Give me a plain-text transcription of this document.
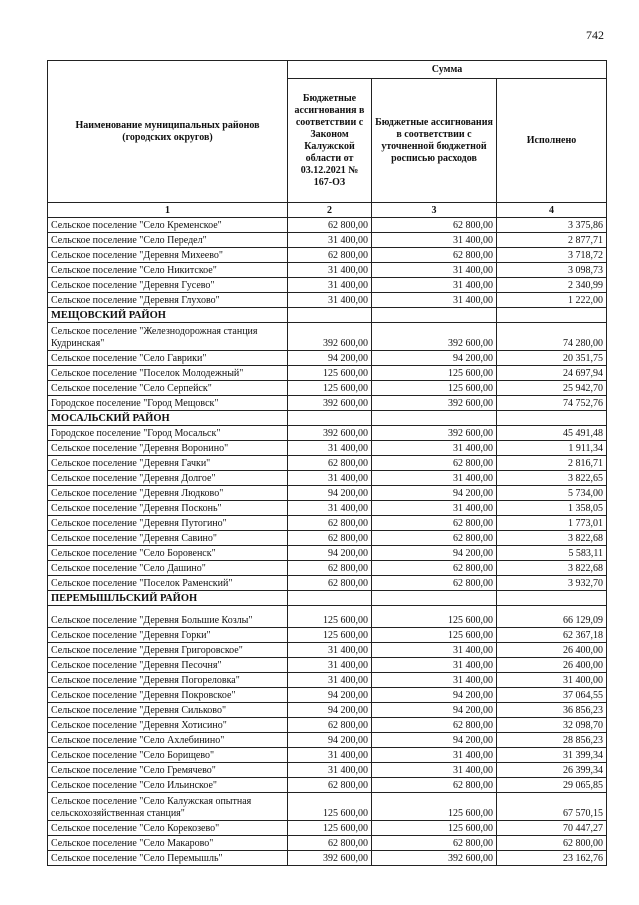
742
Наименование муниципальных районов (городских округов)	Сумма		
	Бюджетные ассигнования в соответствии с Законом Калужской области от 03.12.2021 № 167-ОЗ	Бюджетные ассигнования в соответствии с уточненной бюджетной росписью расходов	Исполнено
1	2	3	4
Сельское поселение "Село Кременское"	62 800,00	62 800,00	3 375,86
Сельское поселение "Село Передел"	31 400,00	31 400,00	2 877,71
Сельское поселение "Деревня Михеево"	62 800,00	62 800,00	3 718,72
Сельское поселение "Село Никитское"	31 400,00	31 400,00	3 098,73
Сельское поселение "Деревня Гусево"	31 400,00	31 400,00	2 340,99
Сельское поселение "Деревня Глухово"	31 400,00	31 400,00	1 222,00
МЕЩОВСКИЙ РАЙОН			
Сельское поселение "Железнодорожная станция Кудринская"	392 600,00	392 600,00	74 280,00
Сельское поселение "Село Гаврики"	94 200,00	94 200,00	20 351,75
Сельское поселение "Поселок Молодежный"	125 600,00	125 600,00	24 697,94
Сельское поселение "Село Серпейск"	125 600,00	125 600,00	25 942,70
Городское поселение "Город Мещовск"	392 600,00	392 600,00	74 752,76
МОСАЛЬСКИЙ РАЙОН			
Городское поселение "Город Мосальск"	392 600,00	392 600,00	45 491,48
Сельское поселение "Деревня Воронино"	31 400,00	31 400,00	1 911,34
Сельское поселение "Деревня Гачки"	62 800,00	62 800,00	2 816,71
Сельское поселение "Деревня Долгое"	31 400,00	31 400,00	3 822,65
Сельское поселение "Деревня Людково"	94 200,00	94 200,00	5 734,00
Сельское поселение "Деревня Посконь"	31 400,00	31 400,00	1 358,05
Сельское поселение "Деревня Путогино"	62 800,00	62 800,00	1 773,01
Сельское поселение "Деревня Савино"	62 800,00	62 800,00	3 822,68
Сельское поселение "Село Боровенск"	94 200,00	94 200,00	5 583,11
Сельское поселение "Село Дашино"	62 800,00	62 800,00	3 822,68
Сельское поселение "Поселок Раменский"	62 800,00	62 800,00	3 932,70
ПЕРЕМЫШЛЬСКИЙ РАЙОН			
Сельское поселение "Деревня Большие Козлы"	125 600,00	125 600,00	66 129,09
Сельское поселение "Деревня Горки"	125 600,00	125 600,00	62 367,18
Сельское поселение "Деревня Григоровское"	31 400,00	31 400,00	26 400,00
Сельское поселение "Деревня Песочня"	31 400,00	31 400,00	26 400,00
Сельское поселение "Деревня Погореловка"	31 400,00	31 400,00	31 400,00
Сельское поселение "Деревня Покровское"	94 200,00	94 200,00	37 064,55
Сельское поселение "Деревня Сильково"	94 200,00	94 200,00	36 856,23
Сельское поселение "Деревня Хотисино"	62 800,00	62 800,00	32 098,70
Сельское поселение "Село Ахлебинино"	94 200,00	94 200,00	28 856,23
Сельское поселение "Село Борищево"	31 400,00	31 400,00	31 399,34
Сельское поселение "Село Гремячево"	31 400,00	31 400,00	26 399,34
Сельское поселение "Село Ильинское"	62 800,00	62 800,00	29 065,85
Сельское поселение "Село Калужская опытная сельскохозяйственная станция"	125 600,00	125 600,00	67 570,15
Сельское поселение "Село Корекозево"	125 600,00	125 600,00	70 447,27
Сельское поселение "Село Макарово"	62 800,00	62 800,00	62 800,00
Сельское поселение "Село Перемышль"	392 600,00	392 600,00	23 162,76
